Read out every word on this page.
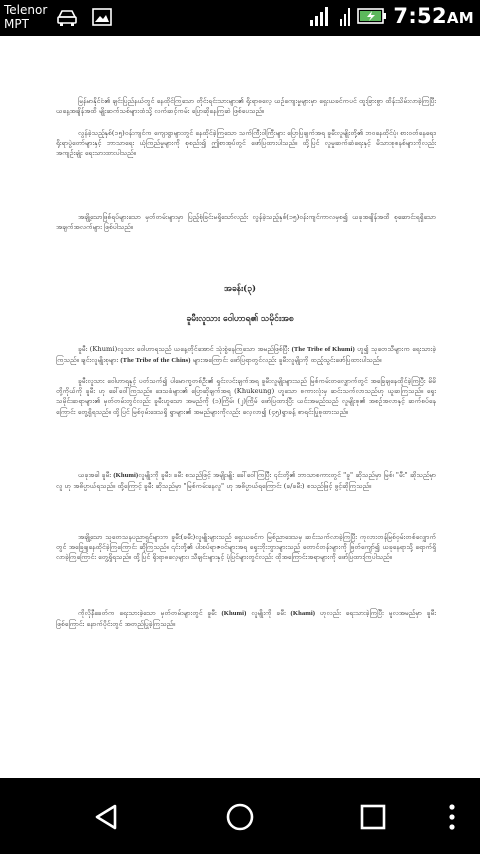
Telenor
MPT	7:52AM
မြန်မာနိုင်ငံ၏ ချင်းပြည်နယ်တွင် နေထိုင်ကြသော တိုင်းရင်းသားများ၏ ရိုးရာဓလေ့ ယဉ်ကျေးမှုများမှာ ရှေးယခင်ကပင် ထူးခြားစွာ ထိန်းသိမ်းလာခဲ့ကြပြီး ယနေ့အချိန်အထိ မျိုးဆက်သစ်များထံသို့ လက်ဆင့်ကမ်း ပြောဆိုနေကြဆဲ ဖြစ်ပေသည်။
လွန်ခဲ့သည့်နှစ်(၁၅)ဝန်းကျင်က ကျေးရွာများတွင် နေထိုင်ခဲ့ကြသော သက်ကြီးဝါကြီးများ ပြောပြချက်အရ ခူမီးလူမျိုးတို့၏ ဘဝနေထိုင်ပုံ၊ စားဝတ်နေရေး၊ ရိုးရာပွဲတော်များနှင့် ဘာသာရေး ယုံကြည်မှုများကို စုစည်း၍ ဤစာအုပ်တွင် ဖော်ပြထားပါသည်။ ထို့ပြင် လူမှုဆက်ဆံရေးနှင့် မိသားစုစနစ်များကိုလည်း အကျဉ်းချုံး ရေးသားထားပါသည်။
အချို့သောဖြစ်ရပ်များသော မှတ်တမ်းများမှာ ပြည့်စုံခြင်းမရှိသော်လည်း လွန်ခဲ့သည့်နှစ်(၁၅)ဝန်းကျင်ကာလမှစ၍ ယခုအချိန်အထိ စုဆောင်းရရှိသော အချက်အလက်များ ဖြစ်ပါသည်။
အခန်း(၃)
ခူမီးလူသား ဝေါဟာရ၏ သမိုင်းအစ
ခူမီး (Khumi)လူသား ဝေါဟာရသည် ယနေ့တိုင်အောင် သုံးစွဲနေကြသော အမည်ဖြစ်ပြီး (The Tribe of Khumi) ဟူ၍ သုတေသီများက ရေးသားခဲ့ကြသည်။ ချင်းလူမျိုးစုများ (The Tribe of the Chins) များအကြောင်း ဖော်ပြရာတွင်လည်း ခူမီးလူမျိုးကို ထည့်သွင်းဖော်ပြထားပါသည်။
ခူမီးလူသား ဝေါဟာရနှင့် ပတ်သက်၍ ပါမောက္ခတစ်ဦး၏ ရှင်းလင်းချက်အရ ခူမီးလူမျိုးများသည် မြစ်ကမ်းတလျှောက်တွင် အခြေချနေထိုင်ခဲ့ကြပြီး မိမိတို့ကိုယ်ကို ခူမီး ဟု ခေါ်ဝေါ်ကြသည်။ ဒေသခံများ၏ ပြောဆိုချက်အရ (Khukeung) ဟူသော စကားလုံးမှ ဆင်းသက်လာသည်ဟု ယူဆကြသည်။ ရှေးသမိုင်းဆရာများ၏ မှတ်တမ်းတွင်လည်း ခူမီးဟူသော အမည်ကို (၁)ကြိမ်၊ (၂)ကြိမ် ဖော်ပြထားပြီး ယင်းအမည်သည် လူမျိုးစု၏ အစဉ်အလာနှင့် ဆက်စပ်နေကြောင်း တွေ့ရှိရသည်။ ထို့ပြင် မြစ်ဝှမ်းဒေသရှိ ရွာများ၏ အမည်များကိုလည်း လေ့လာ၍ (၄၅)ရွာခန့် စာရင်းပြုစုထားသည်။
ယခုအခါ ခူမီး (Khumi)လူမျိုးကို ခူမီး၊ ခမီး စသည်ဖြင့် အမျိုးမျိုး ခေါ်ဝေါ်ကြပြီး ၎င်းတို့၏ ဘာသာစကားတွင် "ခူ" ဆိုသည်မှာ မြစ်၊ "မီး" ဆိုသည်မှာ လူ ဟု အဓိပ္ပာယ်ရသည်။ ထို့ကြောင့် ခူမီး ဆိုသည်မှာ "မြစ်ကမ်းနေလူ" ဟု အဓိပ္ပာယ်ရကြောင်း (ခ/ခမီး) စသည်ဖြင့် ဖွင့်ဆိုကြသည်။
အချို့သော သုတေသနပညာရှင်များက ခူမီး(ခမီး)လူမျိုးများသည် ရှေးယခင်က မြစ်ညာဒေသမှ ဆင်းသက်လာခဲ့ကြပြီး ကုလားတန်မြစ်ဝှမ်းတစ်လျှောက်တွင် အခြေချနေထိုင်ခဲ့ကြကြောင်း ဆိုကြသည်။ ၎င်းတို့၏ ပါးစပ်ရာဇဝင်များအရ ရှေးဘိုးဘွားများသည် တောင်တန်းများကို ဖြတ်ကျော်၍ ယခုနေရာသို့ ရောက်ရှိလာခဲ့ကြကြောင်း တွေ့ရှိရသည်။ ထို့ပြင် ရိုးရာဓလေ့များ၊ သီချင်းများနှင့် ပုံပြင်များတွင်လည်း ထိုအကြောင်းအရာများကို ဖော်ပြထားကြပါသည်။
ကိုလိုနီခေတ်က ရေးသားခဲ့သော မှတ်တမ်းများတွင် ခူမီး (Khumi) လူမျိုးကို ခမီး (Khami) ဟုလည်း ရေးသားခဲ့ကြပြီး မူလအမည်မှာ ခူမီး ဖြစ်ကြောင်း နောက်ပိုင်းတွင် အတည်ပြုခဲ့ကြသည်။
